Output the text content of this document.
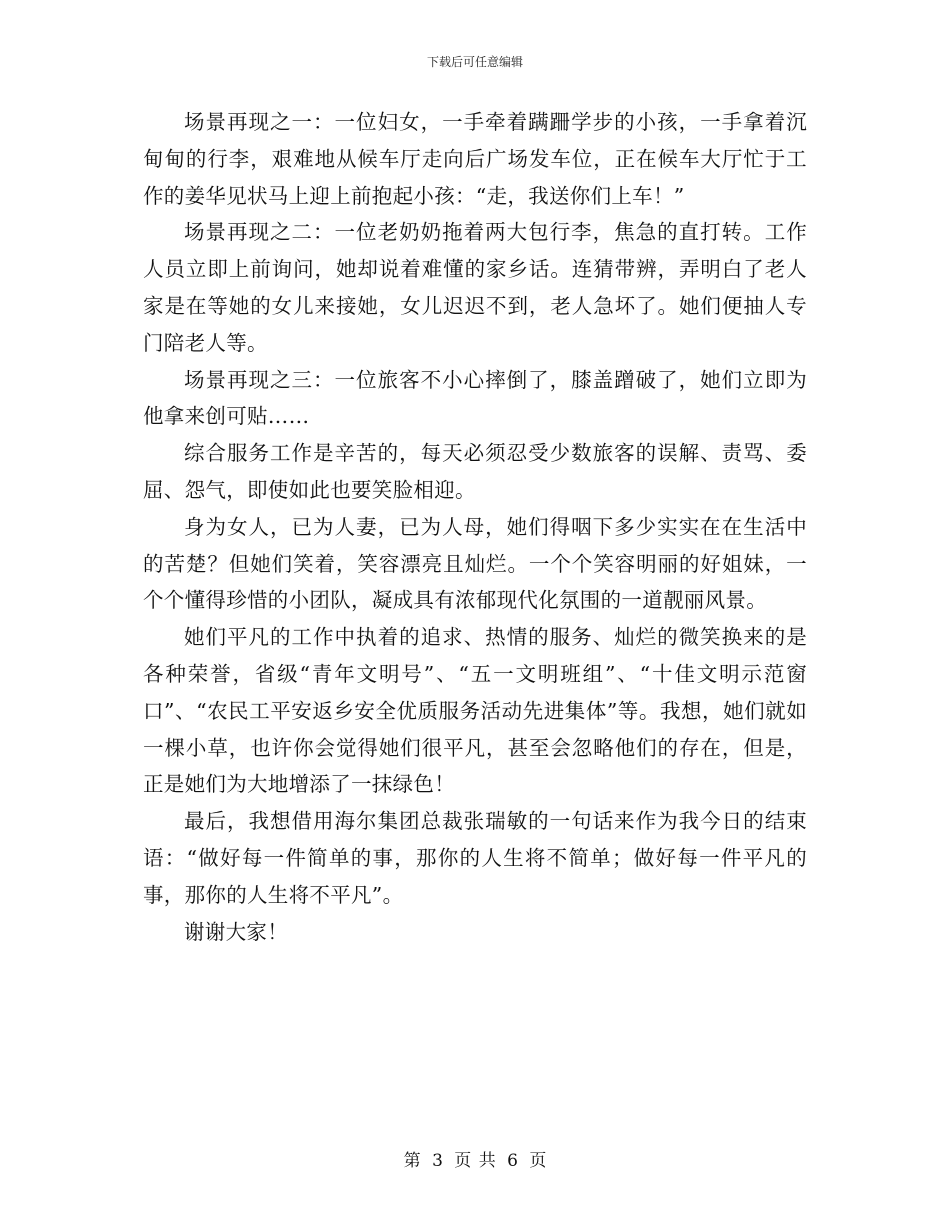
下载后可任意编辑

场景再现之一：一位妇女，一手牵着蹒跚学步的小孩，一手拿着沉甸甸的行李，艰难地从候车厅走向后广场发车位，正在候车大厅忙于工作的姜华见状马上迎上前抱起小孩：“走，我送你们上车！”

场景再现之二：一位老奶奶拖着两大包行李，焦急的直打转。工作人员立即上前询问，她却说着难懂的家乡话。连猜带辨，弄明白了老人家是在等她的女儿来接她，女儿迟迟不到，老人急坏了。她们便抽人专门陪老人等。

场景再现之三：一位旅客不小心摔倒了，膝盖蹭破了，她们立即为他拿来创可贴……

综合服务工作是辛苦的，每天必须忍受少数旅客的误解、责骂、委屈、怨气，即使如此也要笑脸相迎。

身为女人，已为人妻，已为人母，她们得咽下多少实实在在生活中的苦楚？但她们笑着，笑容漂亮且灿烂。一个个笑容明丽的好姐妹，一个个懂得珍惜的小团队，凝成具有浓郁现代化氛围的一道靓丽风景。

她们平凡的工作中执着的追求、热情的服务、灿烂的微笑换来的是各种荣誉，省级“青年文明号”、“五一文明班组”、“十佳文明示范窗口”、“农民工平安返乡安全优质服务活动先进集体”等。我想，她们就如一棵小草，也许你会觉得她们很平凡，甚至会忽略他们的存在，但是，正是她们为大地增添了一抹绿色！

最后，我想借用海尔集团总裁张瑞敏的一句话来作为我今日的结束语：“做好每一件简单的事，那你的人生将不简单；做好每一件平凡的事，那你的人生将不平凡”。

谢谢大家！

第 3 页 共 6 页
